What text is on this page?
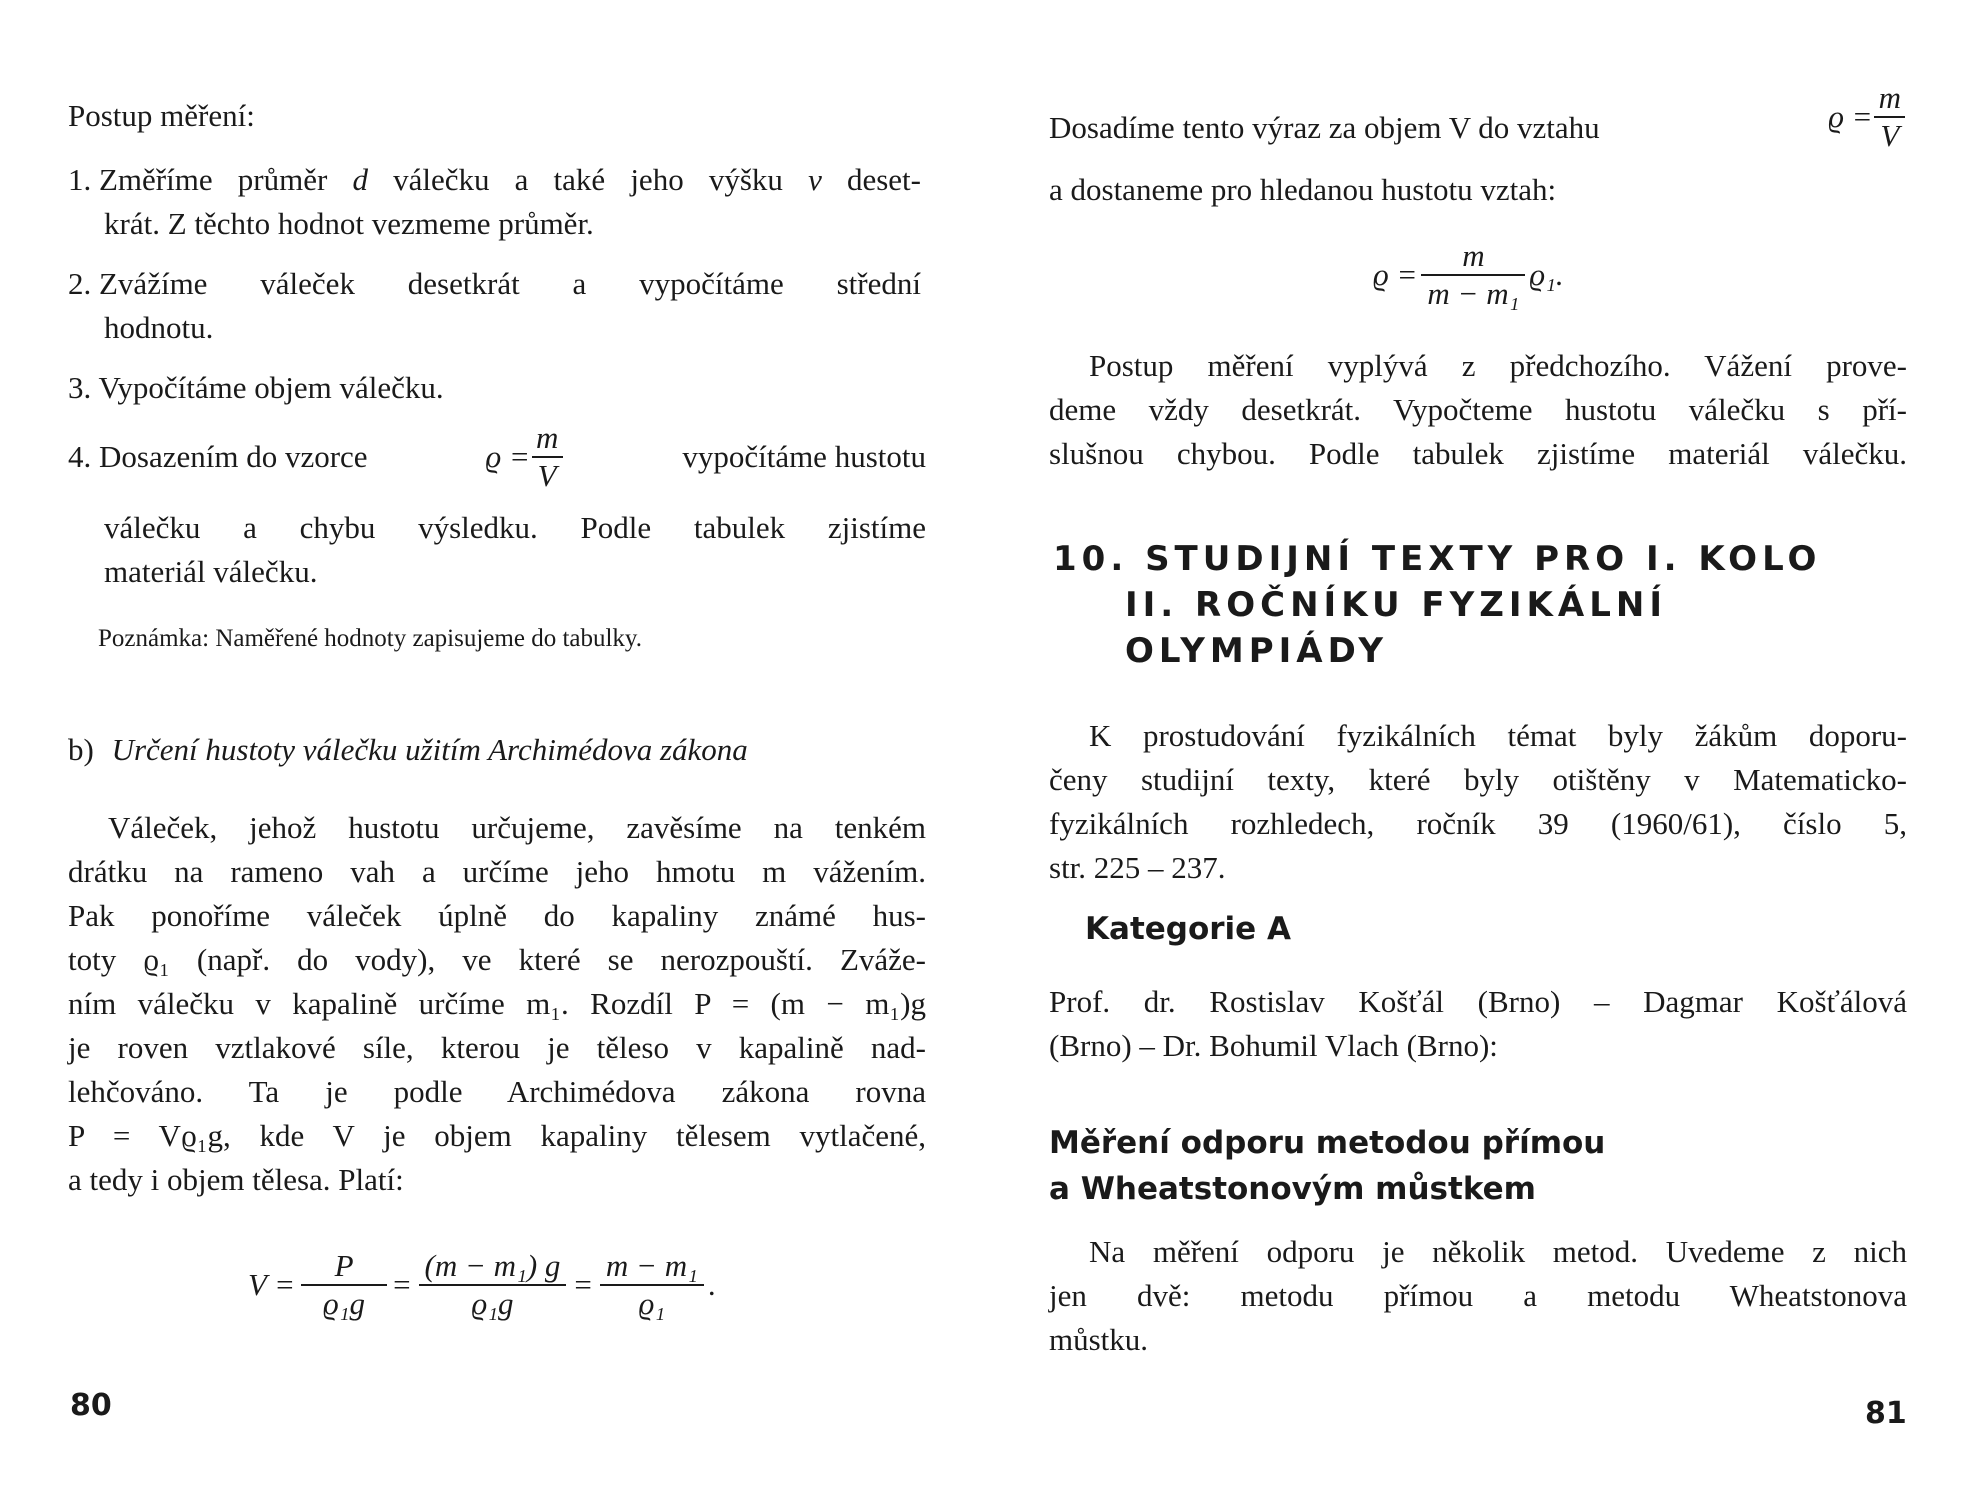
Postup měření:
1. Změříme průměr d válečku a také jeho výšku v deset-
krát. Z těchto hodnot vezmeme průměr.
2. Zvážíme váleček desetkrát a vypočítáme střední
hodnotu.
3. Vypočítáme objem válečku.
4. Dosazením do vzorce	$ϱ = \frac{m}{V}$	vypočítáme hustotu
válečku a chybu výsledku. Podle tabulek zjistíme
materiál válečku.
Poznámka: Naměřené hodnoty zapisujeme do tabulky.
b) Určení hustoty válečku užitím Archimédova zákona
Váleček, jehož hustotu určujeme, zavěsíme na tenkém
drátku na rameno vah a určíme jeho hmotu m vážením.
Pak ponoříme váleček úplně do kapaliny známé hus-
toty ϱ₁ (např. do vody), ve které se nerozpouští. Zváže-
ním válečku v kapalině určíme m₁. Rozdíl P = (m − m₁)g
je roven vztlakové síle, kterou je těleso v kapalině nad-
lehčováno. Ta je podle Archimédova zákona rovna
P = Vϱ₁g, kde V je objem kapaliny tělesem vytlačené,
a tedy i objem tělesa. Platí:
$V = \frac{P}{\text{ϱ₁g}} = \frac{\text{(m − m₁) g}}{\text{ϱ₁g}} = \frac{\text{m − m₁}}{\text{ϱ₁}}$ .
80
Dosadíme tento výraz za objem V do vztahu	$ϱ = \frac{m}{V}$
a dostaneme pro hledanou hustotu vztah:
$ϱ = \frac{m}{\text{m − m₁}} ϱ_1$.
Postup měření vyplývá z předchozího. Vážení prove-
deme vždy desetkrát. Vypočteme hustotu válečku s pří-
slušnou chybou. Podle tabulek zjistíme materiál válečku.
10. STUDIJNÍ TEXTY PRO I. KOLO
II. ROČNÍKU FYZIKÁLNÍ
OLYMPIÁDY
K prostudování fyzikálních témat byly žákům doporu-
čeny studijní texty, které byly otištěny v Matematicko-
fyzikálních rozhledech, ročník 39 (1960/61), číslo 5,
str. 225 – 237.
Kategorie A
Prof. dr. Rostislav Košťál (Brno) – Dagmar Košťálová
(Brno) – Dr. Bohumil Vlach (Brno):
Měření odporu metodou přímou
a Wheatstonovým můstkem
Na měření odporu je několik metod. Uvedeme z nich
jen dvě: metodu přímou a metodu Wheatstonova
můstku.
81
